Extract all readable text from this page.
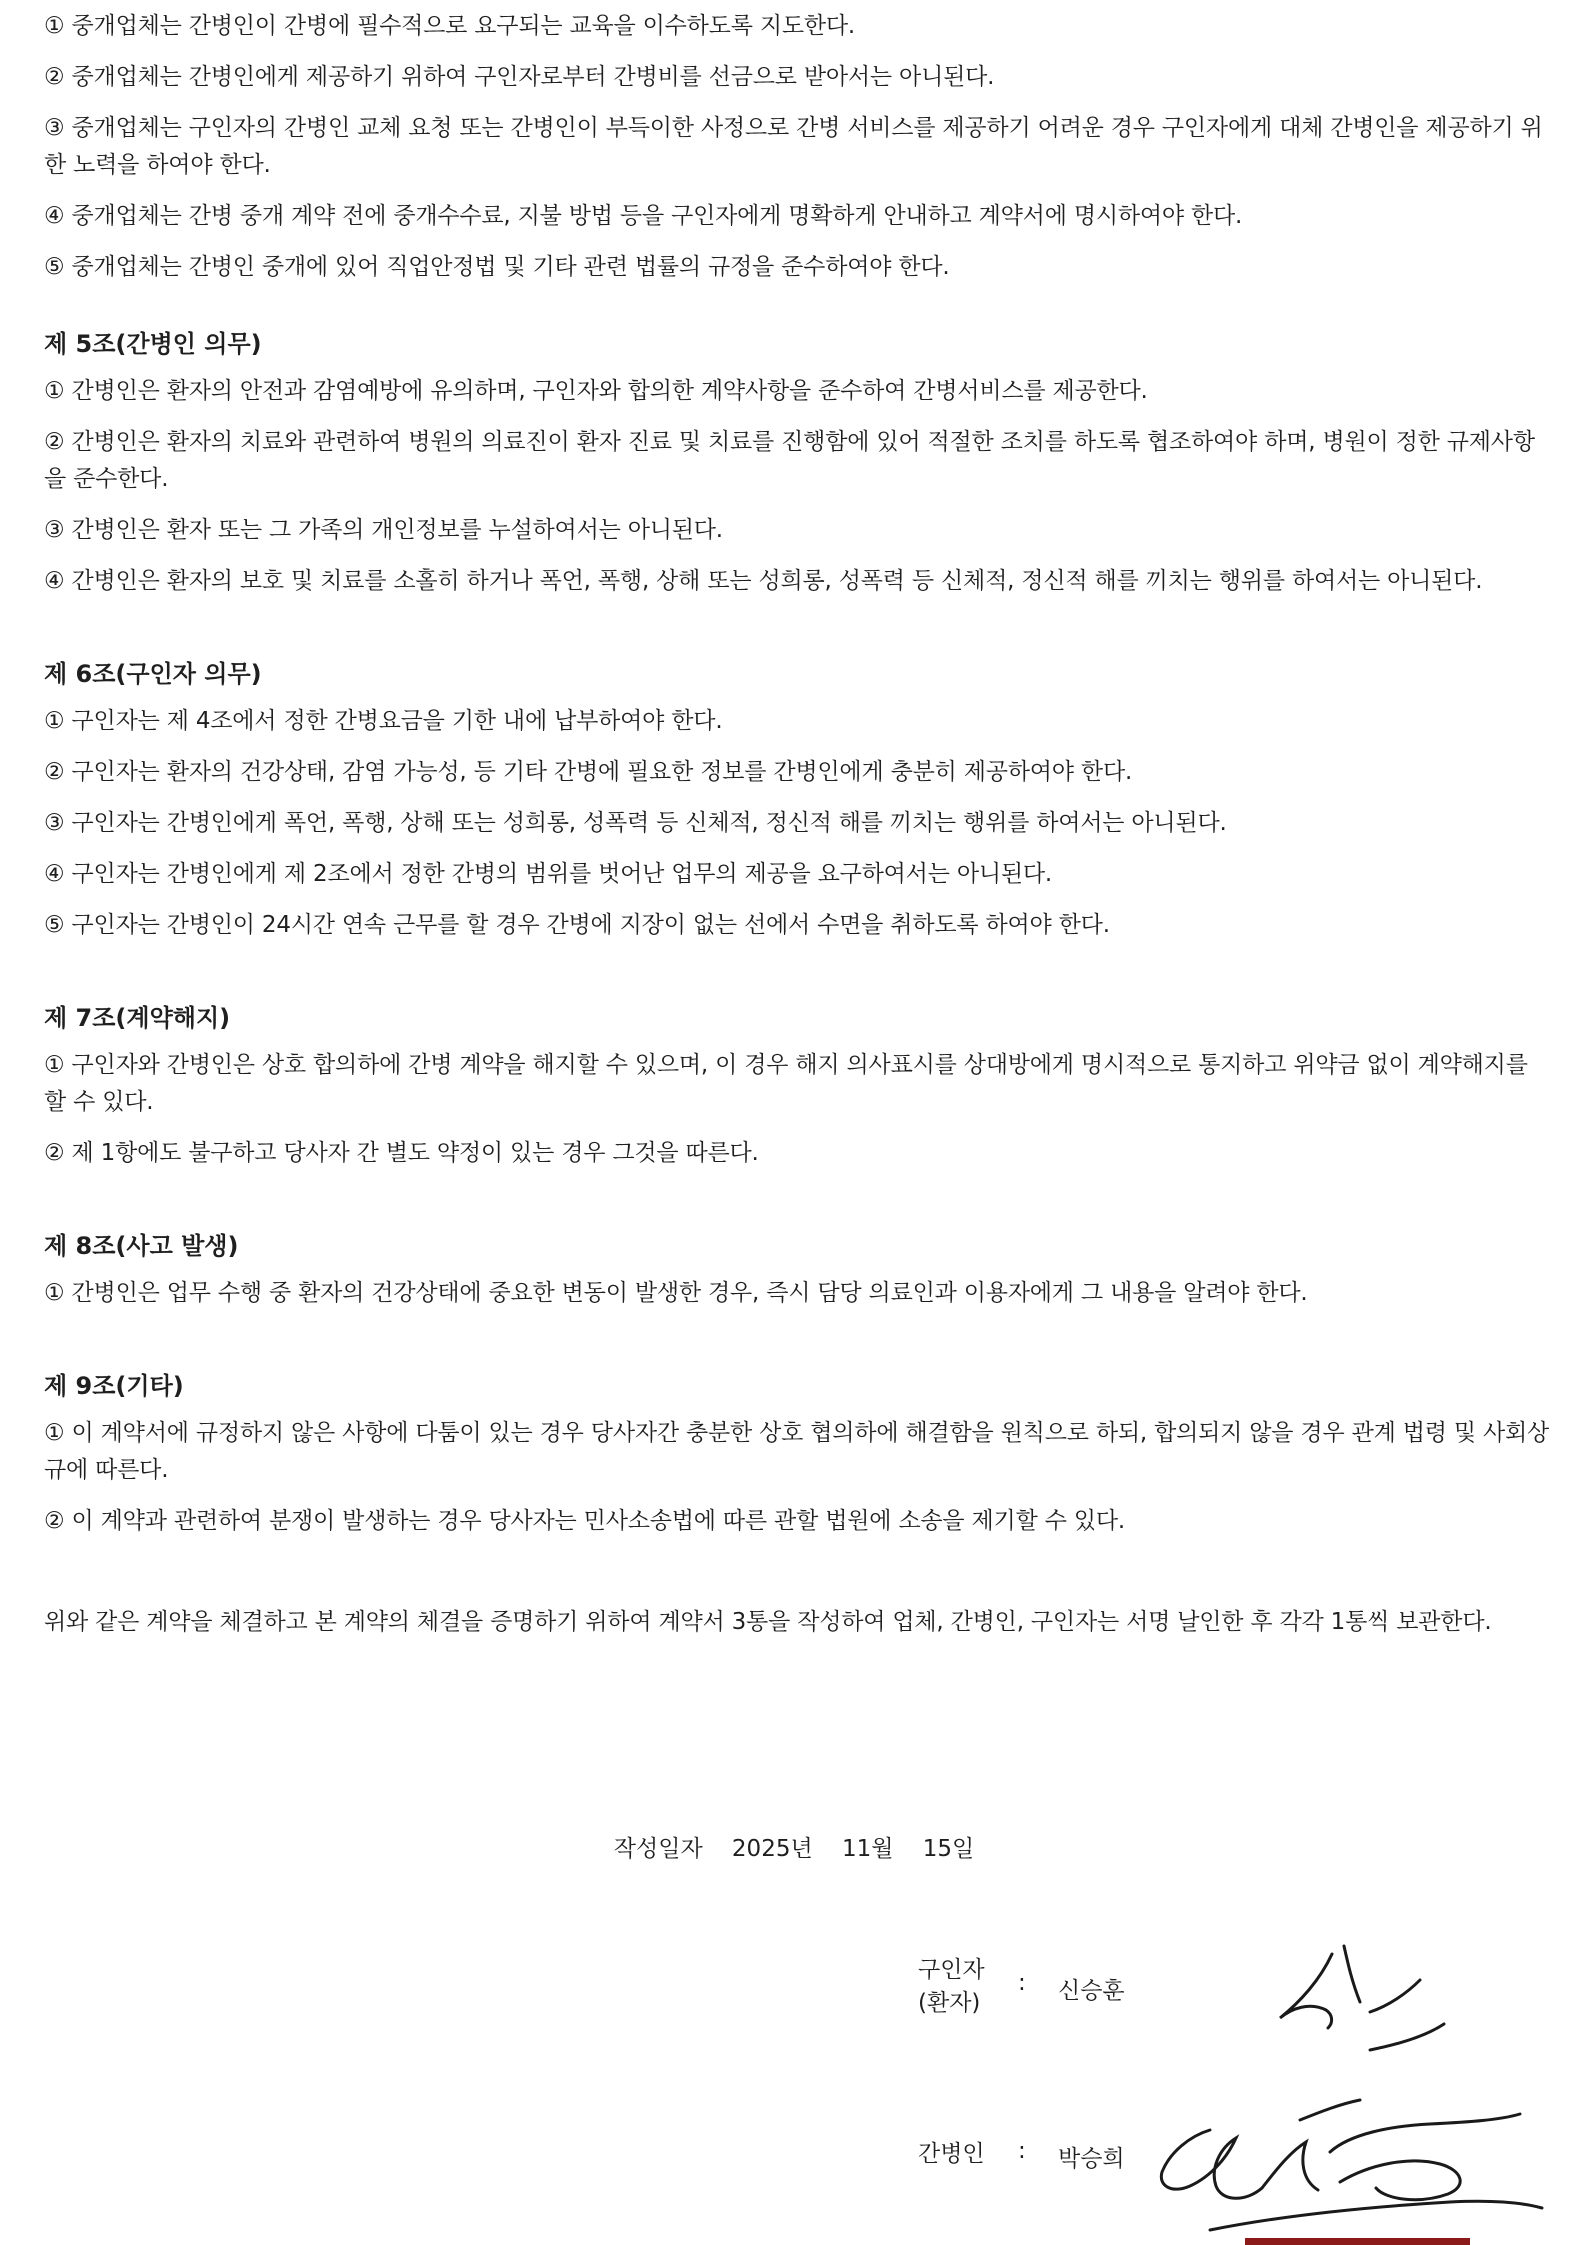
① 중개업체는 간병인이 간병에 필수적으로 요구되는 교육을 이수하도록 지도한다.

② 중개업체는 간병인에게 제공하기 위하여 구인자로부터 간병비를 선금으로 받아서는 아니된다.

③ 중개업체는 구인자의 간병인 교체 요청 또는 간병인이 부득이한 사정으로 간병 서비스를 제공하기 어려운 경우 구인자에게 대체 간병인을 제공하기 위한 노력을 하여야 한다.

④ 중개업체는 간병 중개 계약 전에 중개수수료, 지불 방법 등을 구인자에게 명확하게 안내하고 계약서에 명시하여야 한다.

⑤ 중개업체는 간병인 중개에 있어 직업안정법 및 기타 관련 법률의 규정을 준수하여야 한다.

제 5조(간병인 의무)

① 간병인은 환자의 안전과 감염예방에 유의하며, 구인자와 합의한 계약사항을 준수하여 간병서비스를 제공한다.

② 간병인은 환자의 치료와 관련하여 병원의 의료진이 환자 진료 및 치료를 진행함에 있어 적절한 조치를 하도록 협조하여야 하며, 병원이 정한 규제사항을 준수한다.

③ 간병인은 환자 또는 그 가족의 개인정보를 누설하여서는 아니된다.

④ 간병인은 환자의 보호 및 치료를 소홀히 하거나 폭언, 폭행, 상해 또는 성희롱, 성폭력 등 신체적, 정신적 해를 끼치는 행위를 하여서는 아니된다.

제 6조(구인자 의무)

① 구인자는 제 4조에서 정한 간병요금을 기한 내에 납부하여야 한다.

② 구인자는 환자의 건강상태, 감염 가능성, 등 기타 간병에 필요한 정보를 간병인에게 충분히 제공하여야 한다.

③ 구인자는 간병인에게 폭언, 폭행, 상해 또는 성희롱, 성폭력 등 신체적, 정신적 해를 끼치는 행위를 하여서는 아니된다.

④ 구인자는 간병인에게 제 2조에서 정한 간병의 범위를 벗어난 업무의 제공을 요구하여서는 아니된다.

⑤ 구인자는 간병인이 24시간 연속 근무를 할 경우 간병에 지장이 없는 선에서 수면을 취하도록 하여야 한다.

제 7조(계약해지)

① 구인자와 간병인은 상호 합의하에 간병 계약을 해지할 수 있으며, 이 경우 해지 의사표시를 상대방에게 명시적으로 통지하고 위약금 없이 계약해지를 할 수 있다.

② 제 1항에도 불구하고 당사자 간 별도 약정이 있는 경우 그것을 따른다.

제 8조(사고 발생)

① 간병인은 업무 수행 중 환자의 건강상태에 중요한 변동이 발생한 경우, 즉시 담당 의료인과 이용자에게 그 내용을 알려야 한다.

제 9조(기타)

① 이 계약서에 규정하지 않은 사항에 다툼이 있는 경우 당사자간 충분한 상호 협의하에 해결함을 원칙으로 하되, 합의되지 않을 경우 관계 법령 및 사회상규에 따른다.

② 이 계약과 관련하여 분쟁이 발생하는 경우 당사자는 민사소송법에 따른 관할 법원에 소송을 제기할 수 있다.

위와 같은 계약을 체결하고 본 계약의 체결을 증명하기 위하여 계약서 3통을 작성하여 업체, 간병인, 구인자는 서명 날인한 후 각각 1통씩 보관한다.

작성일자 2025년 11월 15일
구인자
(환자)
: 신승훈
간병인 : 박승희
